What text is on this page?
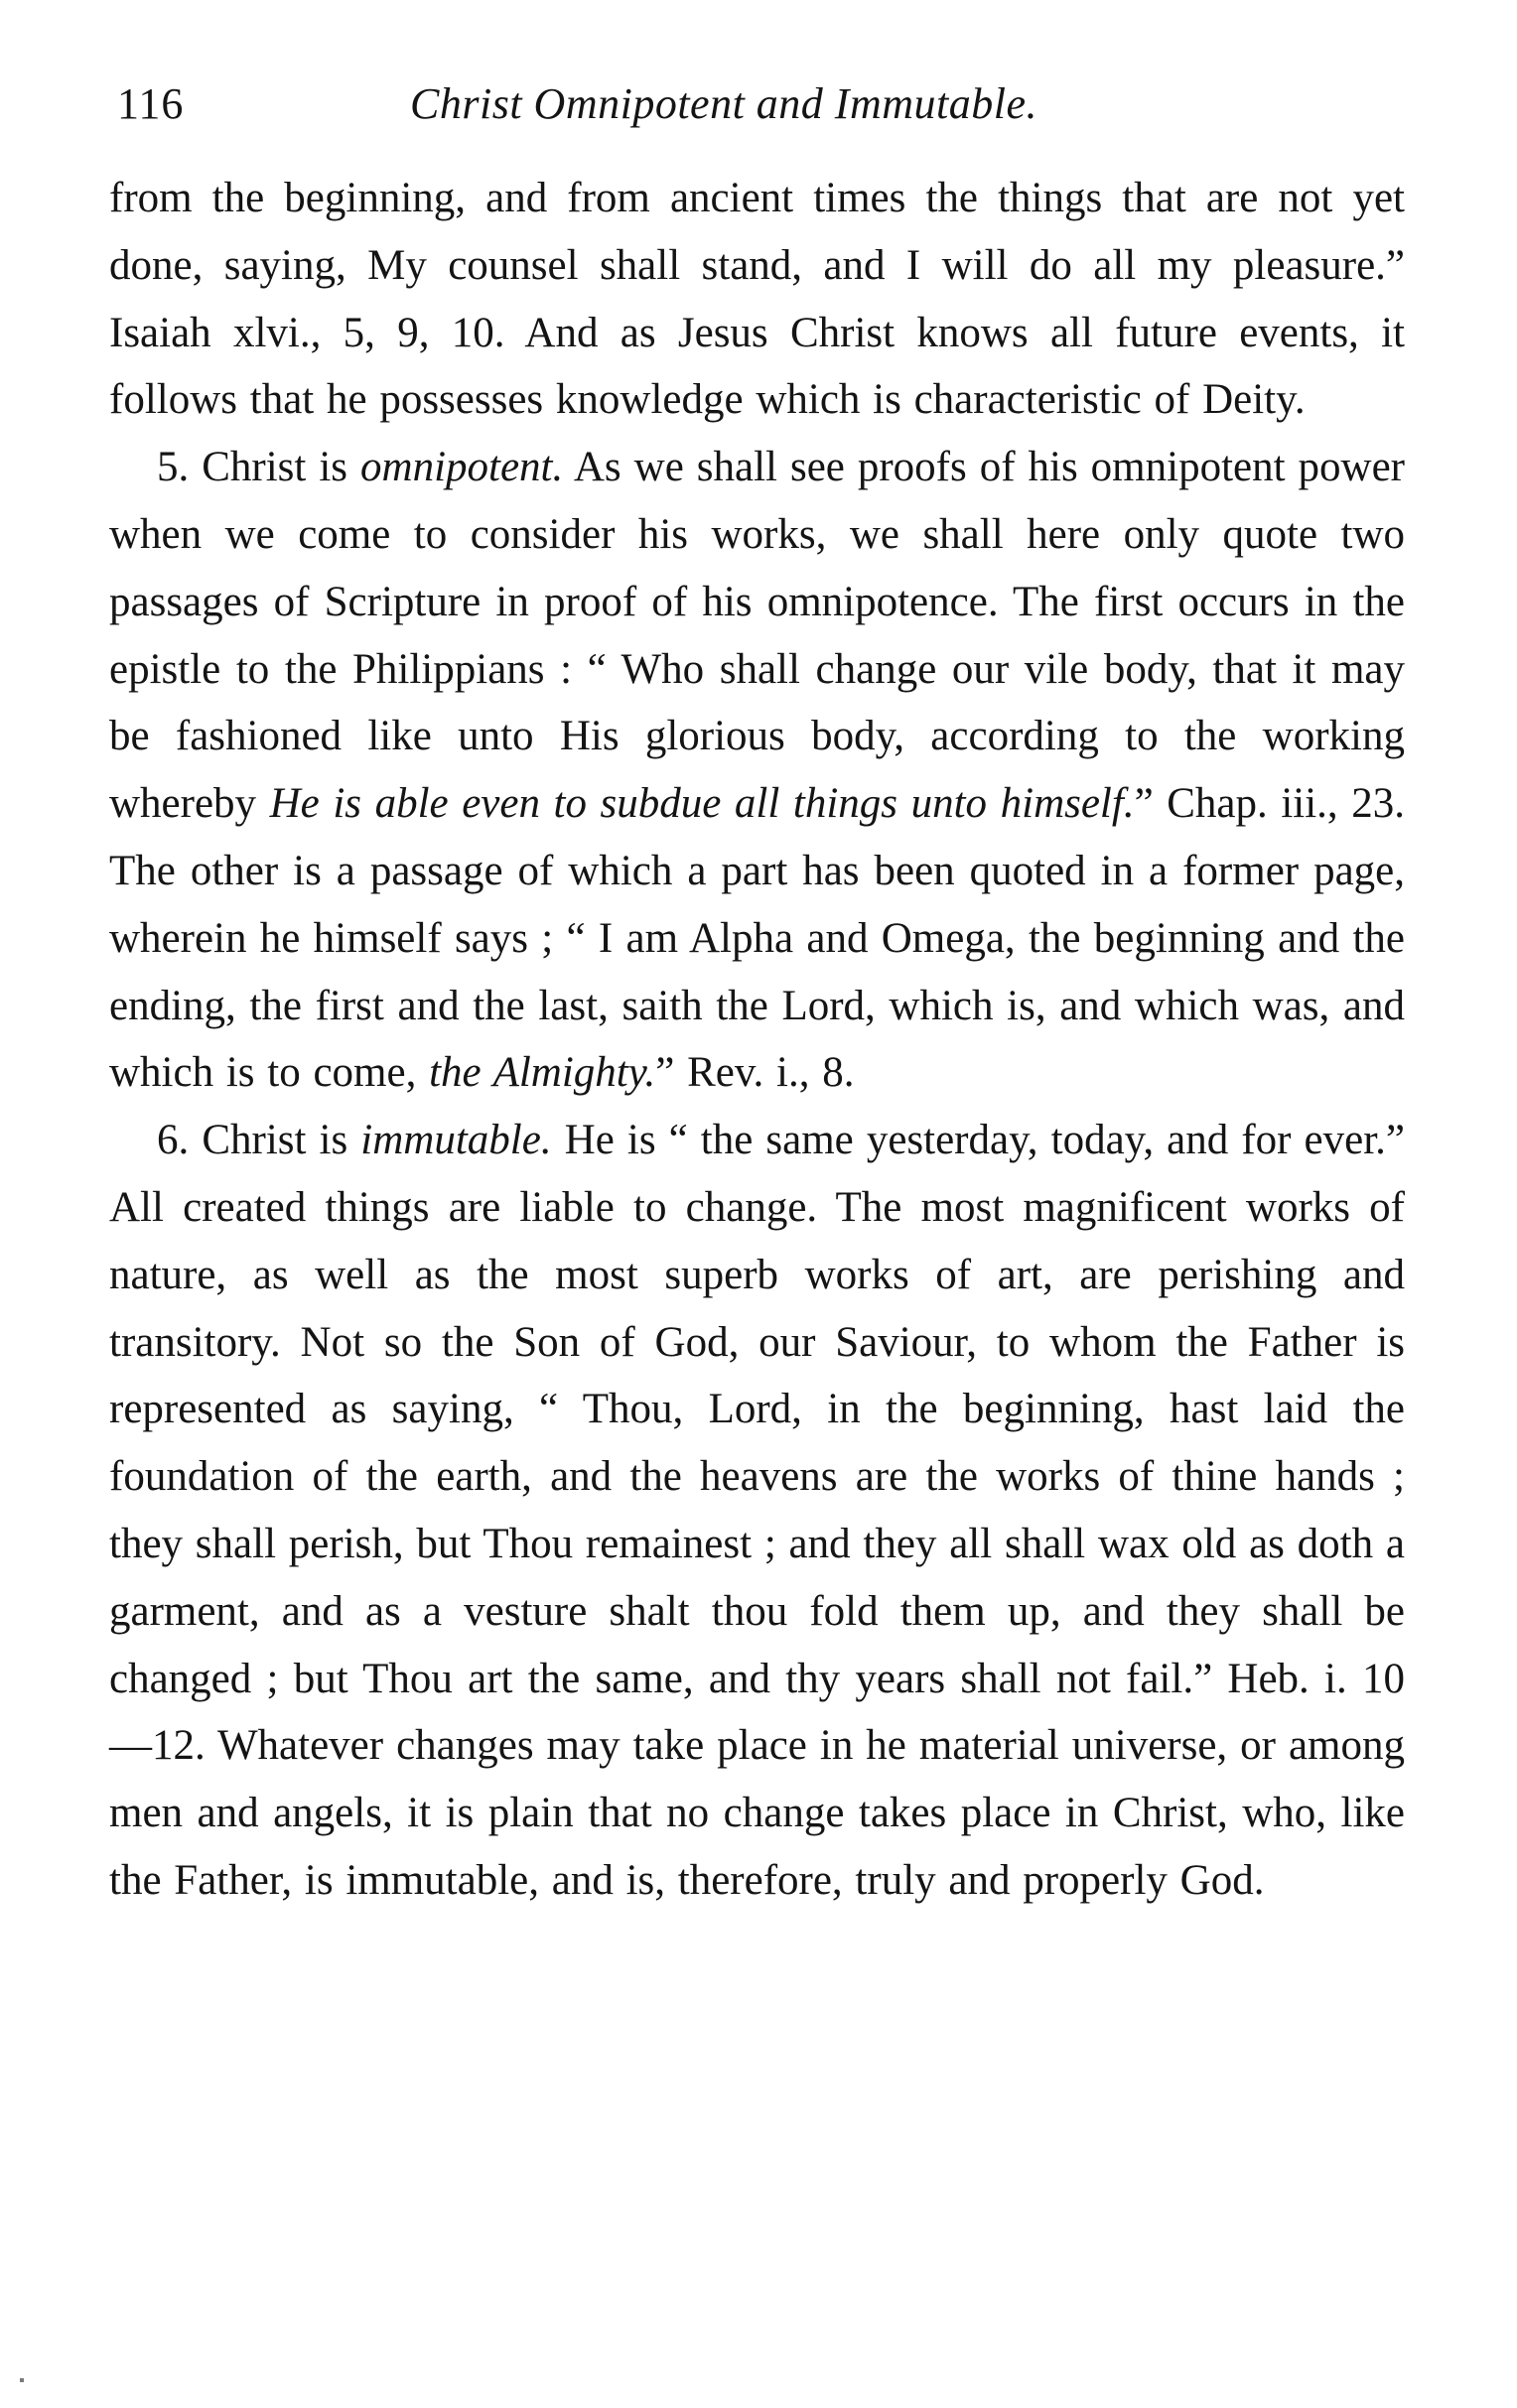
116	Christ Omnipotent and Immutable.

from the beginning, and from ancient times the things that are not yet done, saying, My counsel shall stand, and I will do all my pleasure.” Isaiah xlvi., 5, 9, 10. And as Jesus Christ knows all future events, it follows that he possesses knowledge which is characteristic of Deity.

5. Christ is omnipotent. As we shall see proofs of his omnipotent power when we come to consider his works, we shall here only quote two passages of Scripture in proof of his omnipotence. The first occurs in the epistle to the Philippians : “ Who shall change our vile body, that it may be fashioned like unto His glorious body, according to the working whereby He is able even to subdue all things unto himself.” Chap. iii., 23. The other is a passage of which a part has been quoted in a former page, wherein he himself says ; “ I am Alpha and Omega, the beginning and the ending, the first and the last, saith the Lord, which is, and which was, and which is to come, the Almighty.” Rev. i., 8.

6. Christ is immutable. He is “ the same yesterday, today, and for ever.” All created things are liable to change. The most magnificent works of nature, as well as the most superb works of art, are perishing and transitory. Not so the Son of God, our Saviour, to whom the Father is represented as saying, “ Thou, Lord, in the beginning, hast laid the foundation of the earth, and the heavens are the works of thine hands ; they shall perish, but Thou remainest ; and they all shall wax old as doth a garment, and as a vesture shalt thou fold them up, and they shall be changed ; but Thou art the same, and thy years shall not fail.” Heb. i. 10—12. Whatever changes may take place in he material universe, or among men and angels, it is plain that no change takes place in Christ, who, like the Father, is immutable, and is, therefore, truly and properly God.
